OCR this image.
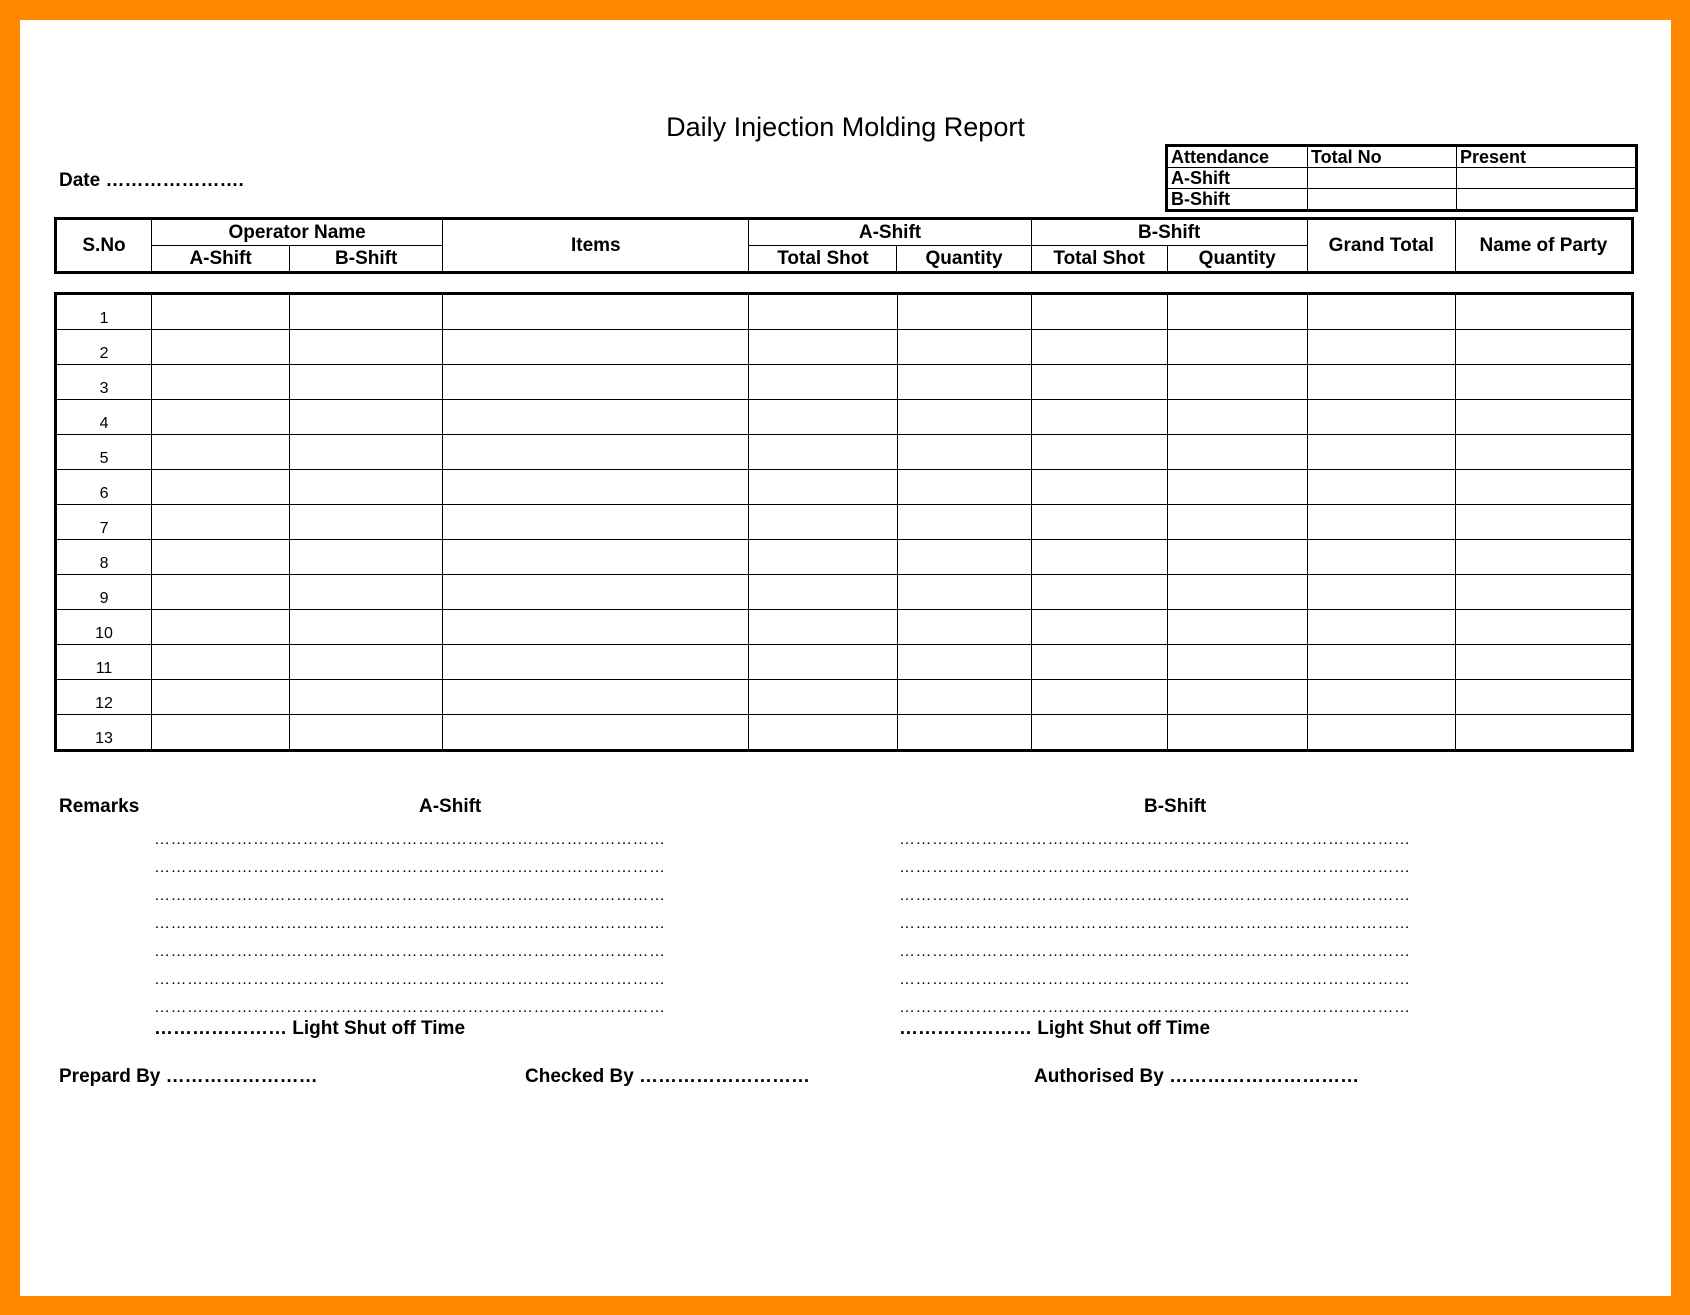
Daily Injection Molding Report
Date ………………….
Attendance	Total No	Present
A-Shift		
B-Shift		
S.No	Operator Name		Items	A-Shift		B-Shift		Grand Total	Name of Party
	A-Shift	B-Shift		Total Shot	Quantity	Total Shot	Quantity		
1									
2									
3									
4									
5									
6									
7									
8									
9									
10									
11									
12									
13									
Remarks	A-Shift	B-Shift
…………………………………………………………………………………
…………………………………………………………………………………
…………………………………………………………………………………
…………………………………………………………………………………
…………………………………………………………………………………
…………………………………………………………………………………
…………………………………………………………………………………
…………………………………………………………………………………
…………………………………………………………………………………
…………………………………………………………………………………
…………………………………………………………………………………
…………………………………………………………………………………
…………………………………………………………………………………
…………………………………………………………………………………
………………… Light Shut off Time	………………… Light Shut off Time
Prepard By ……………………	Checked By ………………………	Authorised By …………………………
